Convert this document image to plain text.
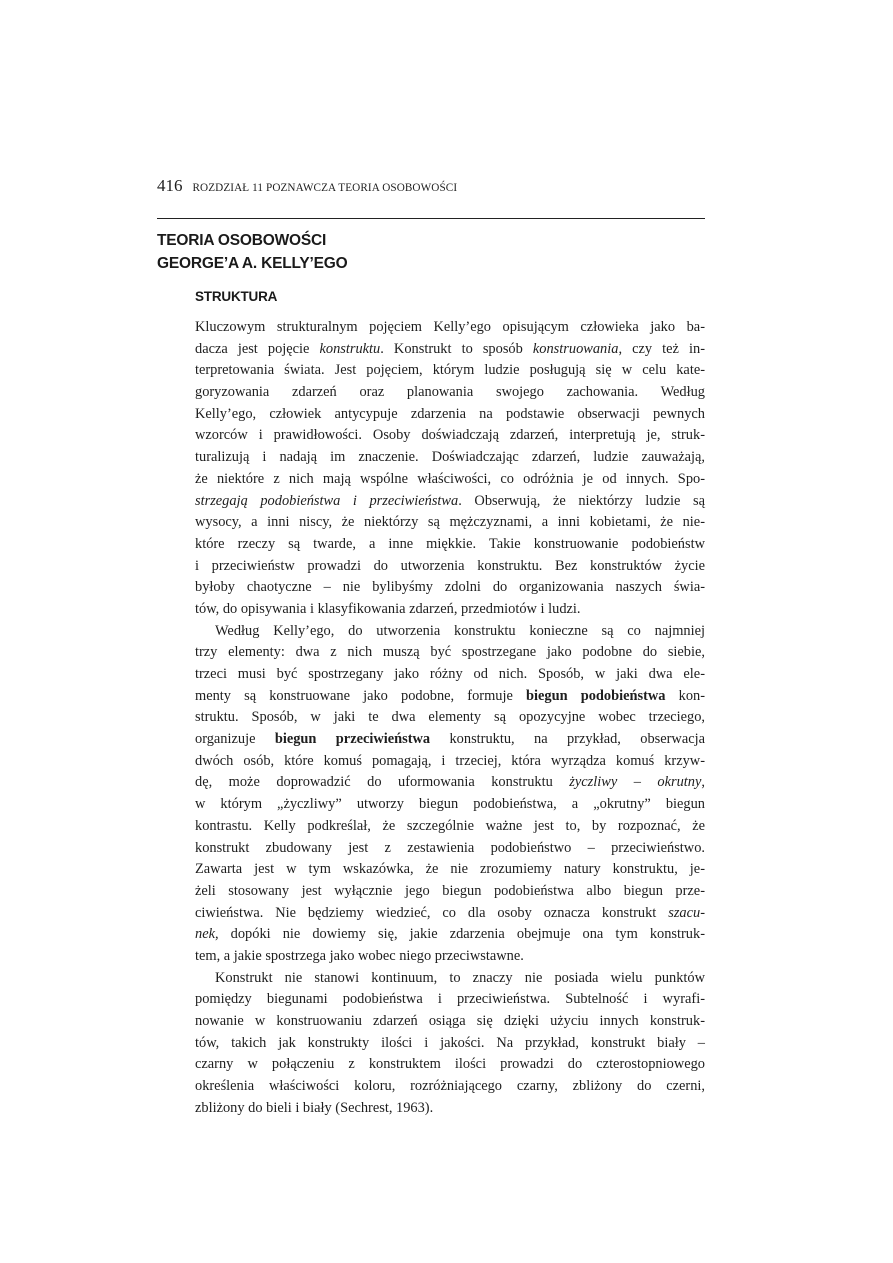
416 ROZDZIAŁ 11 POZNAWCZA TEORIA OSOBOWOŚCI
TEORIA OSOBOWOŚCI
GEORGE’A A. KELLY’EGO
STRUKTURA
Kluczowym strukturalnym pojęciem Kelly’ego opisującym człowieka jako ba-
dacza jest pojęcie konstruktu. Konstrukt to sposób konstruowania, czy też in-
terpretowania świata. Jest pojęciem, którym ludzie posługują się w celu kate-
goryzowania zdarzeń oraz planowania swojego zachowania. Według
Kelly’ego, człowiek antycypuje zdarzenia na podstawie obserwacji pewnych
wzorców i prawidłowości. Osoby doświadczają zdarzeń, interpretują je, struk-
turalizują i nadają im znaczenie. Doświadczając zdarzeń, ludzie zauważają,
że niektóre z nich mają wspólne właściwości, co odróżnia je od innych. Spo-
strzegają podobieństwa i przeciwieństwa. Obserwują, że niektórzy ludzie są
wysocy, a inni niscy, że niektórzy są mężczyznami, a inni kobietami, że nie-
które rzeczy są twarde, a inne miękkie. Takie konstruowanie podobieństw
i przeciwieństw prowadzi do utworzenia konstruktu. Bez konstruktów życie
byłoby chaotyczne – nie bylibyśmy zdolni do organizowania naszych świa-
tów, do opisywania i klasyfikowania zdarzeń, przedmiotów i ludzi.
Według Kelly’ego, do utworzenia konstruktu konieczne są co najmniej
trzy elementy: dwa z nich muszą być spostrzegane jako podobne do siebie,
trzeci musi być spostrzegany jako różny od nich. Sposób, w jaki dwa ele-
menty są konstruowane jako podobne, formuje biegun podobieństwa kon-
struktu. Sposób, w jaki te dwa elementy są opozycyjne wobec trzeciego,
organizuje biegun przeciwieństwa konstruktu, na przykład, obserwacja
dwóch osób, które komuś pomagają, i trzeciej, która wyrządza komuś krzyw-
dę, może doprowadzić do uformowania konstruktu życzliwy – okrutny,
w którym „życzliwy” utworzy biegun podobieństwa, a „okrutny” biegun
kontrastu. Kelly podkreślał, że szczególnie ważne jest to, by rozpoznać, że
konstrukt zbudowany jest z zestawienia podobieństwo – przeciwieństwo.
Zawarta jest w tym wskazówka, że nie zrozumiemy natury konstruktu, je-
żeli stosowany jest wyłącznie jego biegun podobieństwa albo biegun prze-
ciwieństwa. Nie będziemy wiedzieć, co dla osoby oznacza konstrukt szacu-
nek, dopóki nie dowiemy się, jakie zdarzenia obejmuje ona tym konstruk-
tem, a jakie spostrzega jako wobec niego przeciwstawne.
Konstrukt nie stanowi kontinuum, to znaczy nie posiada wielu punktów
pomiędzy biegunami podobieństwa i przeciwieństwa. Subtelność i wyrafi-
nowanie w konstruowaniu zdarzeń osiąga się dzięki użyciu innych konstruk-
tów, takich jak konstrukty ilości i jakości. Na przykład, konstrukt biały –
czarny w połączeniu z konstruktem ilości prowadzi do czterostopniowego
określenia właściwości koloru, rozróżniającego czarny, zbliżony do czerni,
zbliżony do bieli i biały (Sechrest, 1963).
